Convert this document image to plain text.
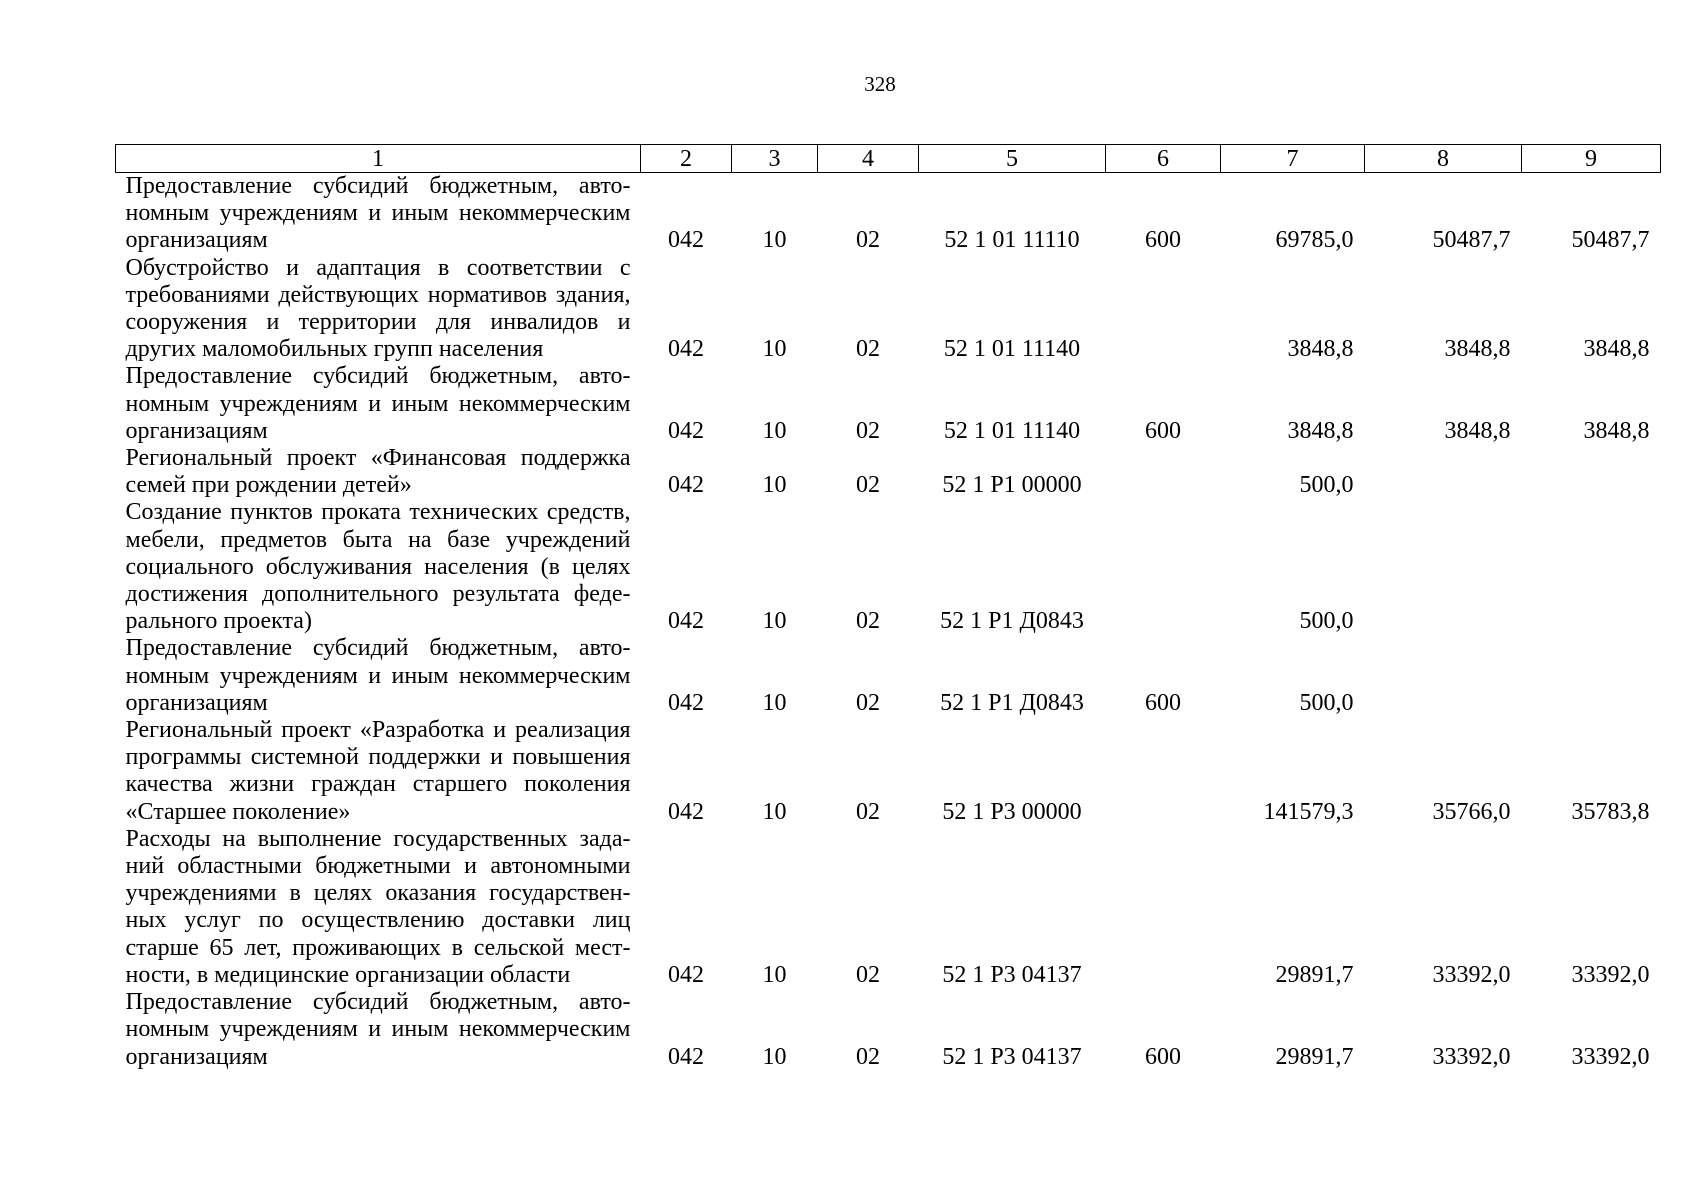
328
1	2	3	4	5	6	7	8	9
Предоставление субсидий бюджетным, автономным учреждениям и иным некоммерческим организациям	042	10	02	52 1 01 11110	600	69785,0	50487,7	50487,7
Обустройство и адаптация в соответствии с требованиями действующих нормативов здания, сооружения и территории для инвалидов и других маломобильных групп населения	042	10	02	52 1 01 11140		3848,8	3848,8	3848,8
Предоставление субсидий бюджетным, автономным учреждениям и иным некоммерческим организациям	042	10	02	52 1 01 11140	600	3848,8	3848,8	3848,8
Региональный проект «Финансовая поддержка семей при рождении детей»	042	10	02	52 1 P1 00000		500,0		
Создание пунктов проката технических средств, мебели, предметов быта на базе учреждений социального обслуживания населения (в целях достижения дополнительного результата федерального проекта)	042	10	02	52 1 P1 Д0843		500,0		
Предоставление субсидий бюджетным, автономным учреждениям и иным некоммерческим организациям	042	10	02	52 1 P1 Д0843	600	500,0		
Региональный проект «Разработка и реализация программы системной поддержки и повышения качества жизни граждан старшего поколения «Старшее поколение»	042	10	02	52 1 P3 00000		141579,3	35766,0	35783,8
Расходы на выполнение государственных заданий областными бюджетными и автономными учреждениями в целях оказания государственных услуг по осуществлению доставки лиц старше 65 лет, проживающих в сельской местности, в медицинские организации области	042	10	02	52 1 P3 04137		29891,7	33392,0	33392,0
Предоставление субсидий бюджетным, автономным учреждениям и иным некоммерческим организациям	042	10	02	52 1 P3 04137	600	29891,7	33392,0	33392,0
